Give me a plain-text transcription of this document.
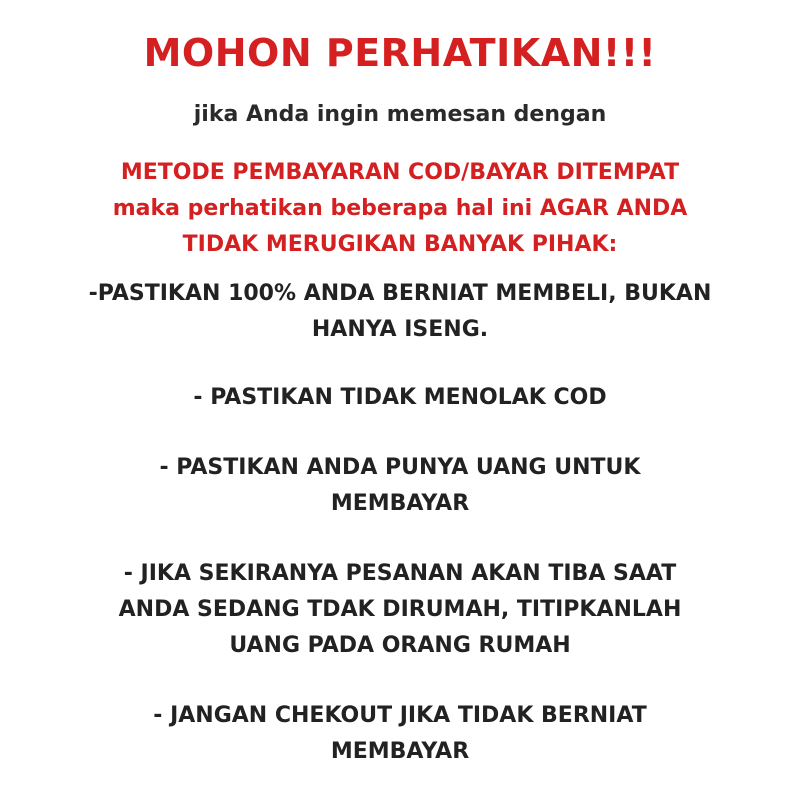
MOHON PERHATIKAN!!!
jika Anda ingin memesan dengan
METODE PEMBAYARAN COD/BAYAR DITEMPAT
maka perhatikan beberapa hal ini AGAR ANDA
TIDAK MERUGIKAN BANYAK PIHAK:
-PASTIKAN 100% ANDA BERNIAT MEMBELI, BUKAN
HANYA ISENG.
- PASTIKAN TIDAK MENOLAK COD
- PASTIKAN ANDA PUNYA UANG UNTUK
MEMBAYAR
- JIKA SEKIRANYA PESANAN AKAN TIBA SAAT
ANDA SEDANG TDAK DIRUMAH, TITIPKANLAH
UANG PADA ORANG RUMAH
- JANGAN CHEKOUT JIKA TIDAK BERNIAT
MEMBAYAR
